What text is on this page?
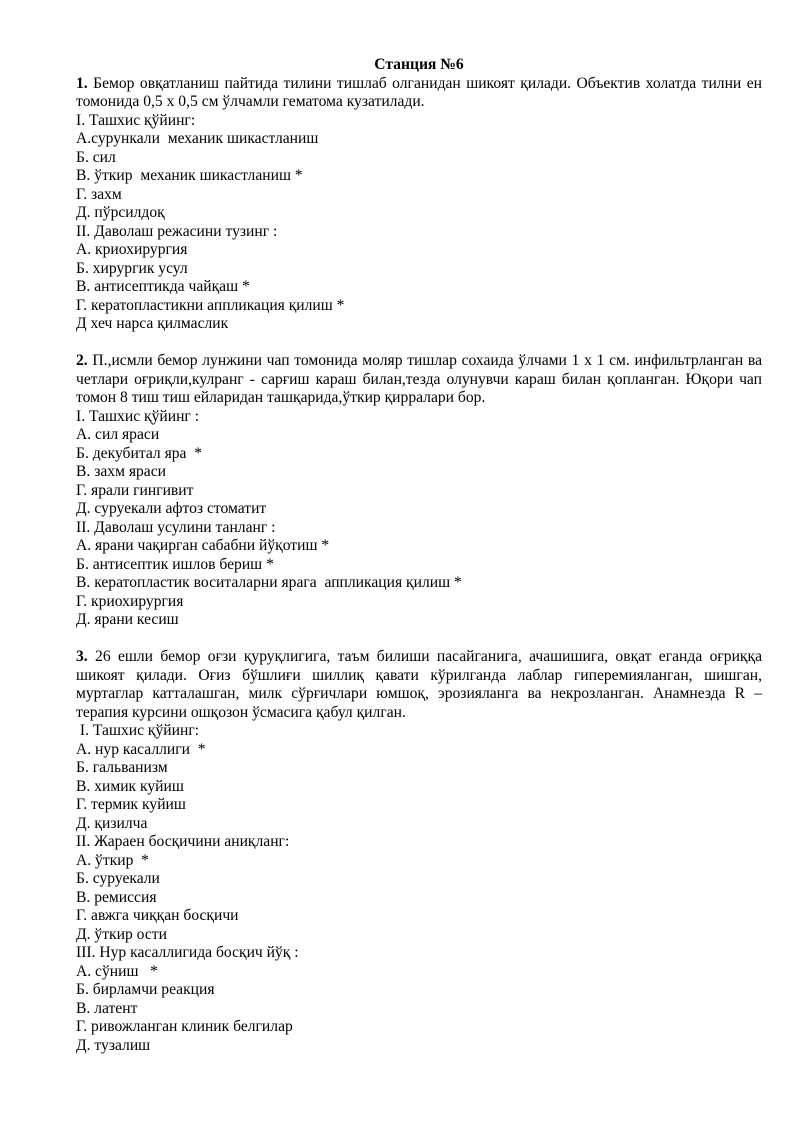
Станция №6
1. Бемор овқатланиш пайтида тилини тишлаб олганидан шикоят қилади. Объектив холатда тилни ен томонида 0,5 х 0,5 см ўлчамли гематома кузатилади.
I. Ташхис қўйинг:
А.сурункали  механик шикастланиш
Б. сил
В. ўткир  механик шикастланиш *
Г. захм
Д. пўрсилдоқ
II. Даволаш режасини тузинг :
А. криохирургия
Б. хирургик усул
В. антисептикда чайқаш *
Г. кератопластикни аппликация қилиш *
Д хеч нарса қилмаслик
2. П.,исмли бемор лунжини чап томонида моляр тишлар сохаида ўлчами 1 х 1 см. инфильтрланган ва четлари оғриқли,кулранг - сарғиш караш билан,тезда олунувчи караш билан қопланган. Юқори чап томон 8 тиш тиш ейларидан ташқарида,ўткир қирралари бор.
I. Ташхис қўйинг :
А. сил яраси
Б. декубитал яра  *
В. захм яраси
Г. ярали гингивит
Д. суруекали афтоз стоматит
II. Даволаш усулини танланг :
А. ярани чақирган сабабни йўқотиш *
Б. антисептик ишлов бериш *
В. кератопластик воситаларни ярага  аппликация қилиш *
Г. криохирургия
Д. ярани кесиш
3. 26 ешли бемор оғзи қуруқлигига, таъм билиши пасайганига, ачашишига, овқат еганда оғриққа шикоят қилади. Оғиз бўшлиғи шиллиқ қавати кўрилганда лаблар гиперемияланган, шишган, муртаглар катталашган, милк сўрғичлари юмшоқ, эрозияланга ва некрозланган. Анамнезда R – терапия курсини ошқозон ўсмасига қабул қилган.
I. Ташхис қўйинг:
А. нур касаллиги  *
Б. гальванизм
В. химик куйиш
Г. термик куйиш
Д. қизилча
II. Жараен босқичини аниқланг:
А. ўткир  *
Б. суруекали
В. ремиссия
Г. авжга чиққан босқичи
Д. ўткир ости
III. Нур касаллигида босқич йўқ :
А. сўниш   *
Б. бирламчи реакция
В. латент
Г. ривожланган клиник белгилар
Д. тузалиш
